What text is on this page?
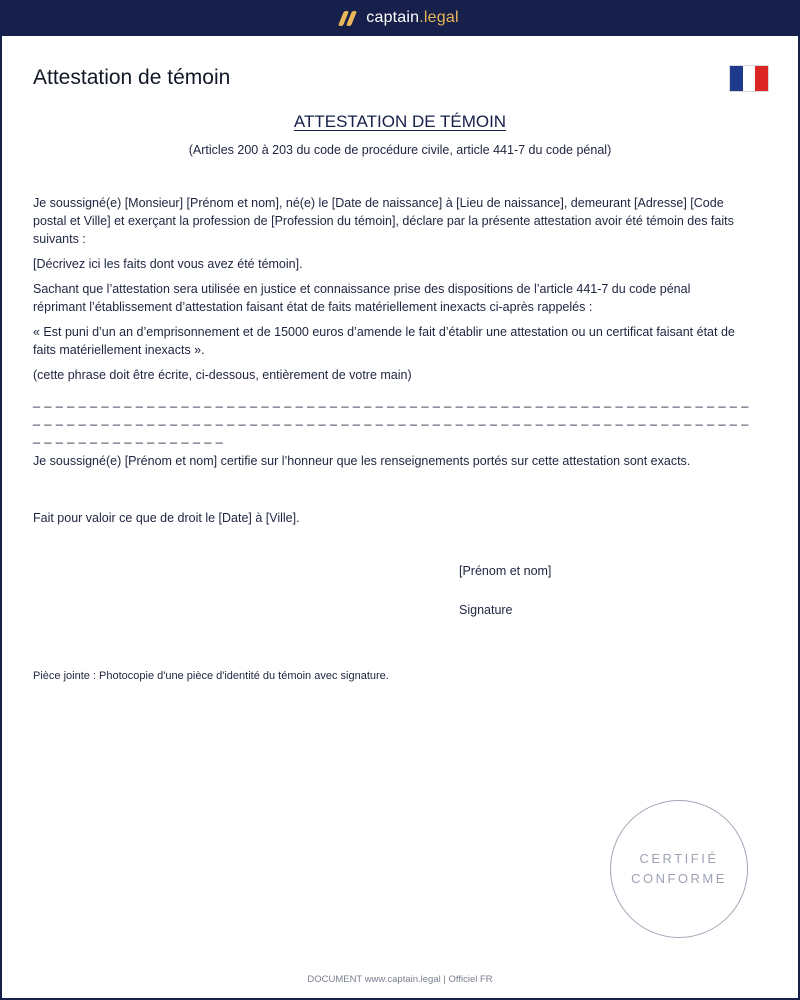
captain.legal
Attestation de témoin
ATTESTATION DE TÉMOIN
(Articles 200 à 203 du code de procédure civile, article 441-7 du code pénal)

Je soussigné(e) [Monsieur] [Prénom et nom], né(e) le [Date de naissance] à [Lieu de naissance], demeurant [Adresse] [Code postal et Ville] et exerçant la profession de [Profession du témoin], déclare par la présente attestation avoir été témoin des faits suivants :

[Décrivez ici les faits dont vous avez été témoin].

Sachant que l’attestation sera utilisée en justice et connaissance prise des dispositions de l’article 441-7 du code pénal réprimant l’établissement d’attestation faisant état de faits matériellement inexacts ci-après rappelés :

« Est puni d’un an d’emprisonnement et de 15000 euros d’amende le fait d’établir une attestation ou un certificat faisant état de faits matériellement inexacts ».

(cette phrase doit être écrite, ci-dessous, entièrement de votre main)

_ _ _ _ _ _ _ _ _ _ _ _ _ _ _ _ _ _ _ _ _ _ _ _ _ _ _ _ _ _ _ _ _ _ _ _ _ _ _ _ _ _ _ _ _ _ _ _ _ _ _ _ _ _ _ _ _ _ _ _ _ _ _

_ _ _ _ _ _ _ _ _ _ _ _ _ _ _ _ _ _ _ _ _ _ _ _ _ _ _ _ _ _ _ _ _ _ _ _ _ _ _ _ _ _ _ _ _ _ _ _ _ _ _ _ _ _ _ _ _ _ _ _ _ _ _

_ _ _ _ _ _ _ _ _ _ _ _ _ _ _ _ _

Je soussigné(e) [Prénom et nom] certifie sur l’honneur que les renseignements portés sur cette attestation sont exacts.

Fait pour valoir ce que de droit le [Date] à [Ville].

[Prénom et nom]

Signature

Pièce jointe : Photocopie d'une pièce d'identité du témoin avec signature.
CERTIFIÉ
CONFORME
DOCUMENT www.captain.legal | Officiel FR
